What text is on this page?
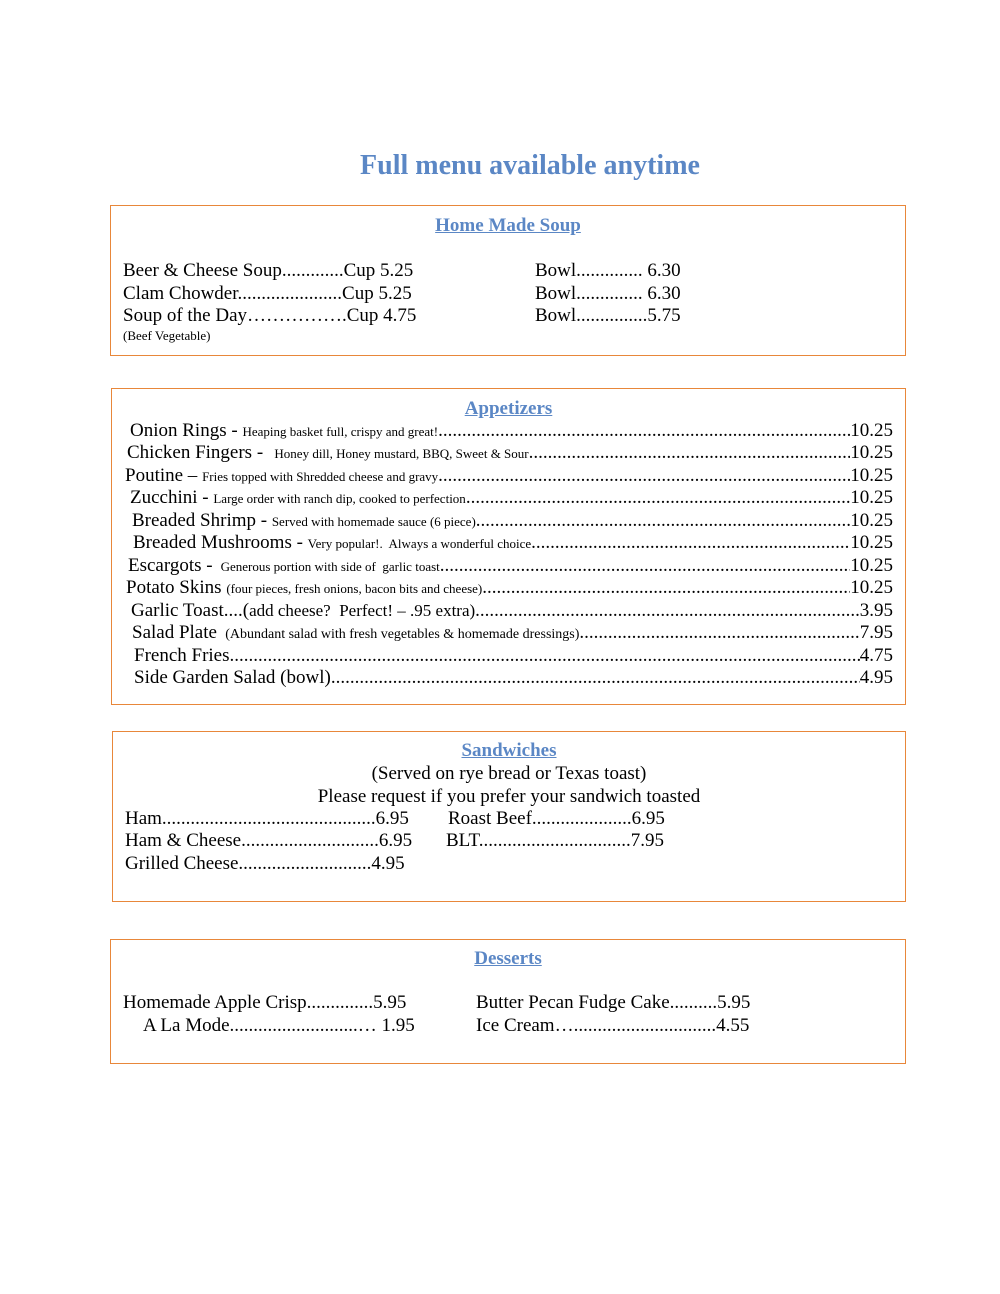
Full menu available anytime
Home Made Soup
Beer & Cheese Soup.............Cup 5.25	Bowl.............. 6.30
Clam Chowder......................Cup 5.25	Bowl.............. 6.30
Soup of the Day…………….Cup 4.75	Bowl...............5.75
(Beef Vegetable)
Appetizers
Onion Rings - Heaping basket full, crispy and great! .....	10.25
Chicken Fingers - Honey dill, Honey mustard, BBQ, Sweet & Sour .....	10.25
Poutine – Fries topped with Shredded cheese and gravy .....	10.25
Zucchini - Large order with ranch dip, cooked to perfection .....	10.25
Breaded Shrimp - Served with homemade sauce (6 piece) .....	10.25
Breaded Mushrooms - Very popular!.  Always a wonderful choice .....	10.25
Escargots - Generous portion with side of  garlic toast .....	10.25
Potato Skins (four pieces, fresh onions, bacon bits and cheese) .....	10.25
Garlic Toast....( add cheese?  Perfect! – .95 extra) .....	3.95
Salad Plate (Abundant salad with fresh vegetables & homemade dressings) .....	7.95
French Fries .....	4.75
Side Garden Salad (bowl) .....	4.95
Sandwiches
(Served on rye bread or Texas toast)
Please request if you prefer your sandwich toasted
Ham.............................................6.95 Roast Beef.....................6.95
Ham & Cheese.............................6.95 BLT................................7.95
Grilled Cheese............................4.95
Desserts
Homemade Apple Crisp..............5.95	Butter Pecan Fudge Cake..........5.95
A La Mode...........................… 1.95	Ice Cream…..............................4.55
